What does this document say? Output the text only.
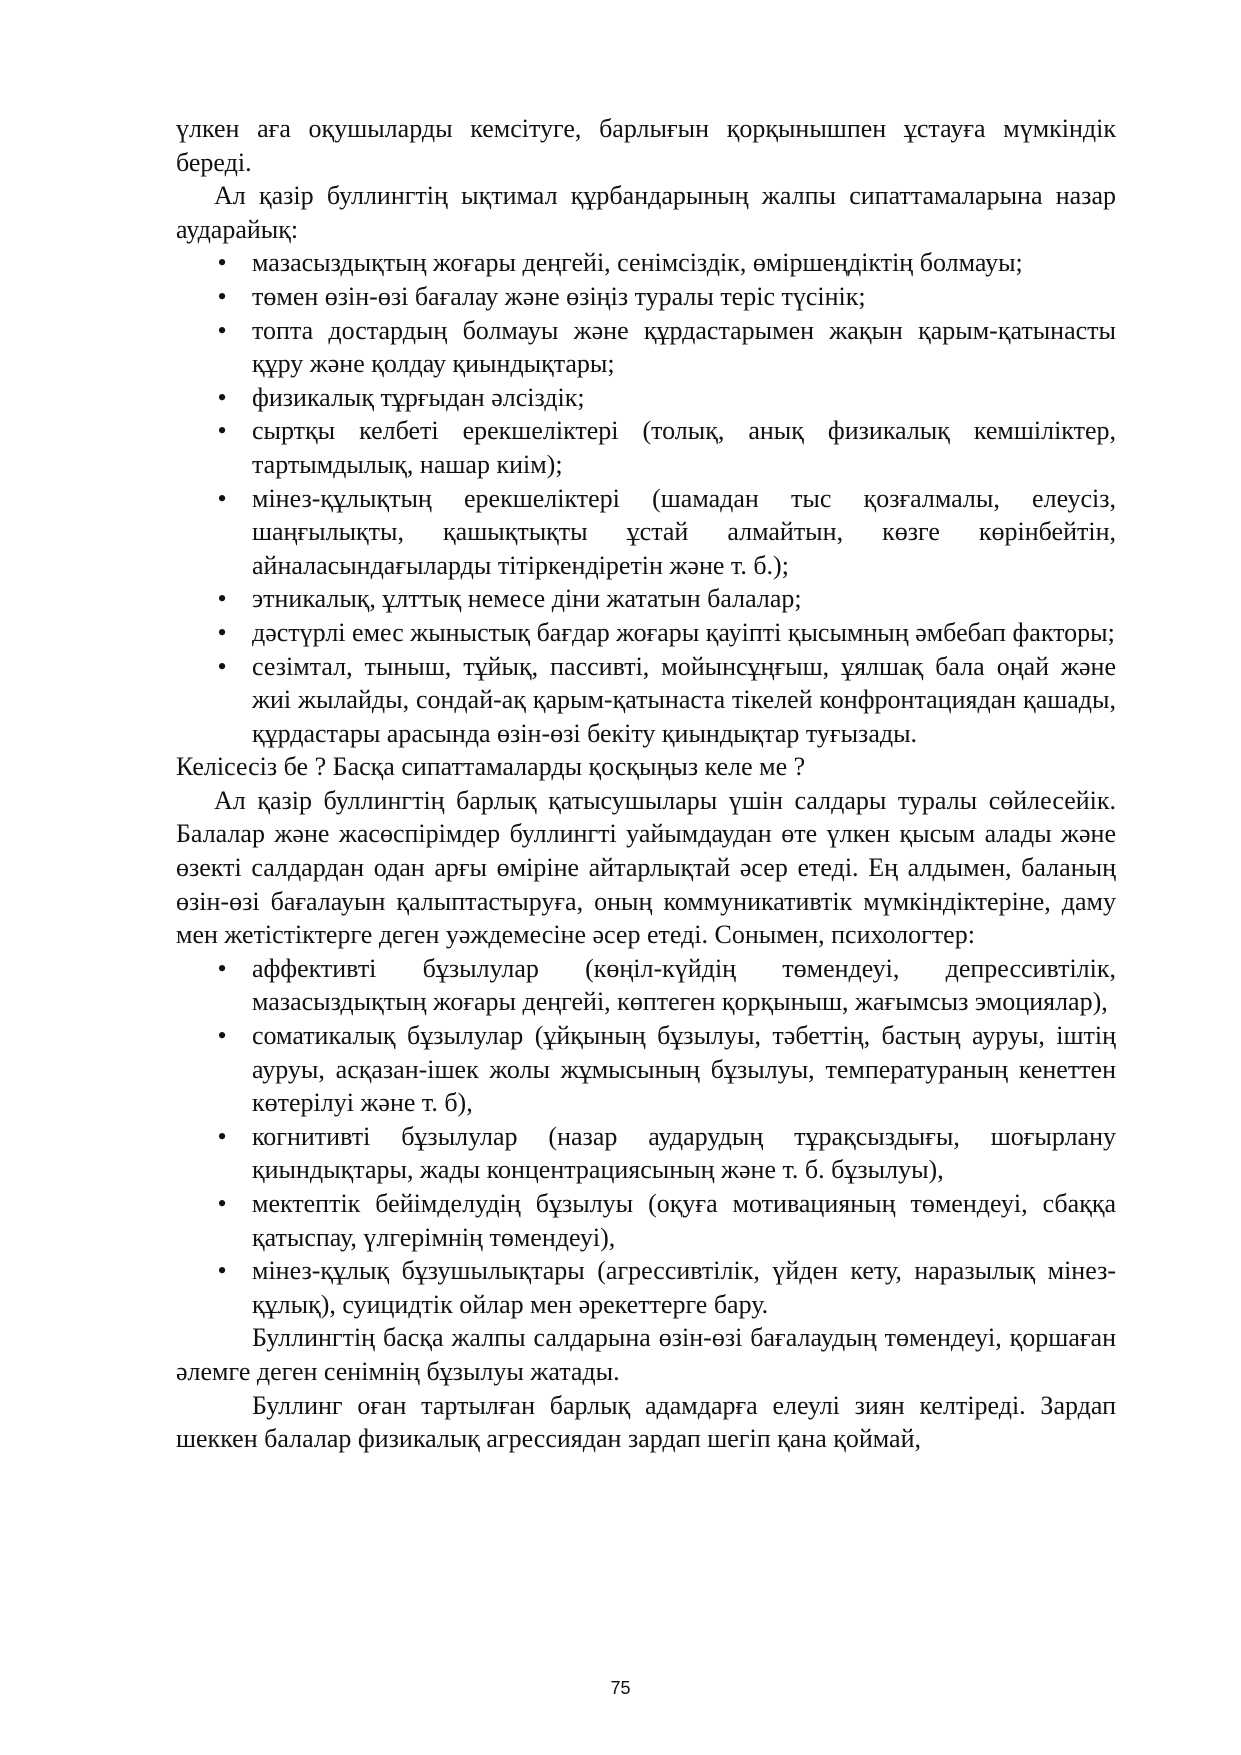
үлкен ағa оқушыларды кемсітуге, барлығын қорқынышпен ұстауға мүмкіндік береді.

Ал қазір буллингтің ықтимал құрбандарының жалпы сипаттамаларына назар аударайық:

• мазасыздықтың жоғары деңгейі, сенімсіздік, өміршеңдіктің болмауы;
• төмен өзін-өзі бағалау және өзіңіз туралы теріс түсінік;
• топта достардың болмауы және құрдастарымен жақын қарым-қатынасты құру және қолдау қиындықтары;
• физикалық тұрғыдан әлсіздік;
• сыртқы келбеті ерекшеліктері (толық, анық физикалық кемшіліктер, тартымдылық, нашар киім);
• мінез-құлықтың ерекшеліктері (шамадан тыс қозғалмалы, елеусіз, шаңғылықты, қашықтықты ұстай алмайтын, көзге көрінбейтін, айналасындағыларды тітіркендіретін және т. б.);
• этникалық, ұлттық немесе діни жататын балалар;
• дәстүрлі емес жыныстық бағдар жоғары қауіпті қысымның әмбебап факторы;
• сезімтал, тыныш, тұйық, пассивті, мойынсұңғыш, ұялшақ бала оңай және жиі жылайды, сондай-ақ қарым-қатынаста тікелей конфронтациядан қашады, құрдастары арасында өзін-өзі бекіту қиындықтар туғызады.

Келісесіз бе ? Басқа сипаттамаларды қосқыңыз келе ме ?

Ал қазір буллингтің барлық қатысушылары үшін салдары туралы сөйлесейік. Балалар және жасөспірімдер буллингті уайымдаудан өте үлкен қысым алады және өзекті салдардан одан арғы өміріне айтарлықтай әсер етеді. Ең алдымен, баланың өзін-өзі бағалауын қалыптастыруға, оның коммуникативтік мүмкіндіктеріне, даму мен жетістіктерге деген уәждемесіне әсер етеді. Сонымен, психологтер:

• аффективті бұзылулар (көңіл-күйдің төмендеуі, депрессивтілік, мазасыздықтың жоғары деңгейі, көптеген қорқыныш, жағымсыз эмоциялар),
• соматикалық бұзылулар (ұйқының бұзылуы, тәбеттің, бастың ауруы, іштің ауруы, асқазан-ішек жолы жұмысының бұзылуы, температураның кенеттен көтерілуі және т. б),
• когнитивті бұзылулар (назар аударудың тұрақсыздығы, шоғырлану қиындықтары, жады концентрациясының және т. б. бұзылуы),
• мектептік бейімделудің бұзылуы (оқуға мотивацияның төмендеуі, сбаққа қатыспау, үлгерімнің төмендеуі),
• мінез-құлық бұзушылықтары (агрессивтілік, үйден кету, наразылық мінез-құлық), суицидтік ойлар мен әрекеттерге бару.

Буллингтің басқа жалпы салдарына өзін-өзі бағалаудың төмендеуі, қоршаған әлемге деген сенімнің бұзылуы жатады.

Буллинг оған тартылған барлық адамдарға елеулі зиян келтіреді. Зардап шеккен балалар физикалық агрессиядан зардап шегіп қана қоймай,

75
